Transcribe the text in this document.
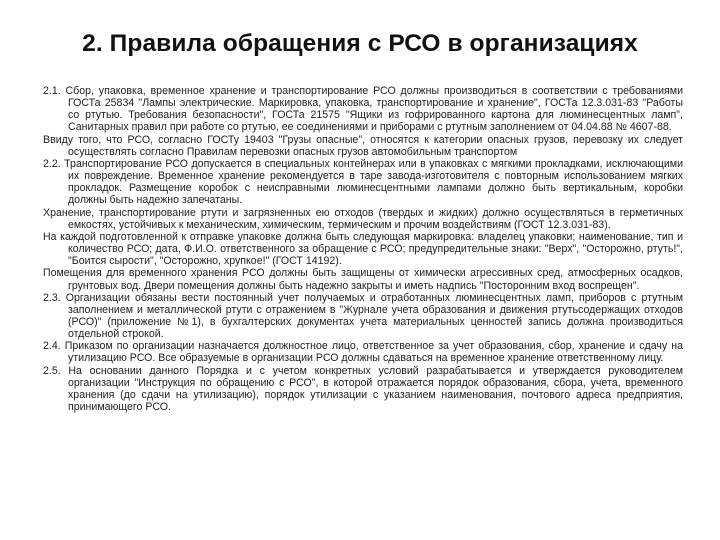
2. Правила обращения с РСО в организациях

2.1. Сбор, упаковка, временное хранение и транспортирование РСО должны производиться в соответствии с требованиями ГОСТа 25834 "Лампы электрические. Маркировка, упаковка, транспортирование и хранение", ГОСТа 12.3.031-83 "Работы со ртутью. Требования безопасности", ГОСТа 21575 "Ящики из гофрированного картона для люминесцентных ламп", Санитарных правил при работе со ртутью, ее соединениями и приборами с ртутным заполнением от 04.04.88 № 4607-88.

Ввиду того, что РСО, согласно ГОСТу 19403 "Грузы опасные", относятся к категории опасных грузов, перевозку их следует осуществлять согласно Правилам перевозки опасных грузов автомобильным транспортом

2.2. Транспортирование РСО допускается в специальных контейнерах или в упаковках с мягкими прокладками, исключающими их повреждение. Временное хранение рекомендуется в таре завода-изготовителя с повторным использованием мягких прокладок. Размещение коробок с неисправными люминесцентными лампами должно быть вертикальным, коробки должны быть надежно запечатаны.

Хранение, транспортирование ртути и загрязненных ею отходов (твердых и жидких) должно осуществляться в герметичных емкостях, устойчивых к механическим, химическим, термическим и прочим воздействиям (ГОСТ 12.3.031-83).

На каждой подготовленной к отправке упаковке должна быть следующая маркировка: владелец упаковки; наименование, тип и количество РСО; дата, Ф.И.О. ответственного за обращение с РСО; предупредительные знаки: "Верх", "Осторожно, ртуть!", "Боится сырости", "Осторожно, хрупкое!" (ГОСТ 14192).

Помещения для временного хранения РСО должны быть защищены от химически агрессивных сред, атмосферных осадков, грунтовых вод. Двери помещения должны быть надежно закрыты и иметь надпись "Посторонним вход воспрещен".

2.3. Организации обязаны вести постоянный учет получаемых и отработанных люминесцентных ламп, приборов с ртутным заполнением и металлической ртути с отражением в "Журнале учета образования и движения ртутьсодержащих отходов (РСО)" (приложение №1), в бухгалтерских документах учета материальных ценностей запись должна производиться отдельной строкой.

2.4. Приказом по организации назначается должностное лицо, ответственное за учет образования, сбор, хранение и сдачу на утилизацию РСО. Все образуемые в организации РСО должны сдаваться на временное хранение ответственному лицу.

2.5. На основании данного Порядка и с учетом конкретных условий разрабатывается и утверждается руководителем организации "Инструкция по обращению с РСО", в которой отражается порядок образования, сбора, учета, временного хранения (до сдачи на утилизацию), порядок утилизации с указанием наименования, почтового адреса предприятия, принимающего РСО.
